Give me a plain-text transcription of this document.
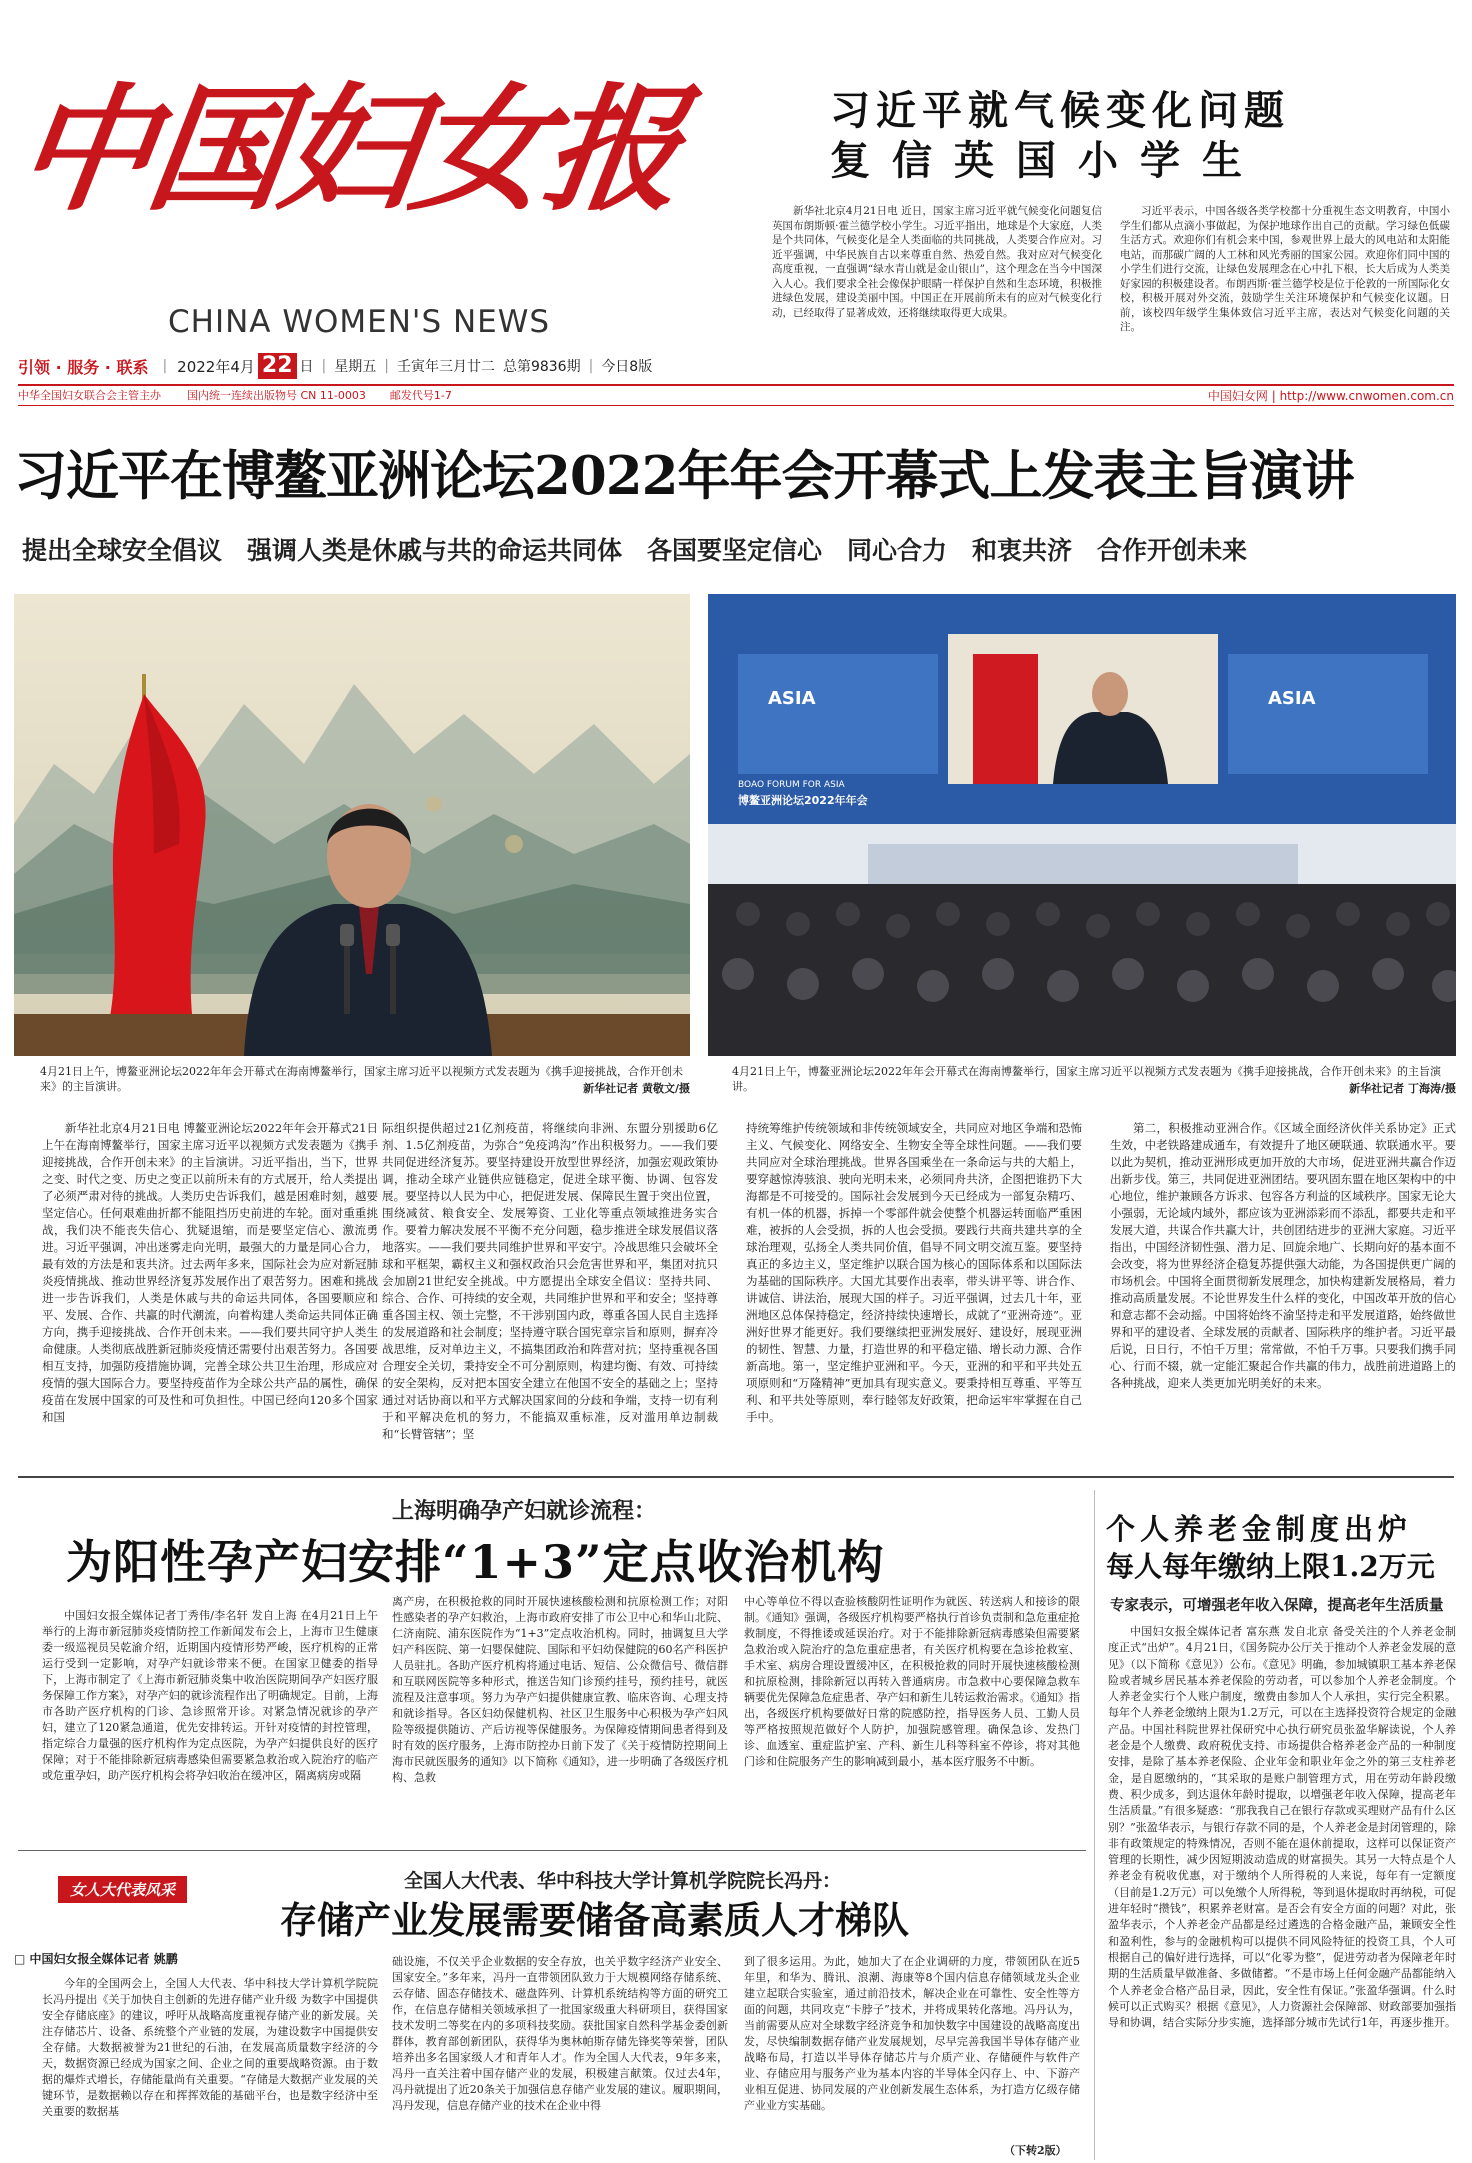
中国妇女报
CHINA WOMEN'S NEWS
引领 · 服务 · 联系 | 2022年4月 22 日 | 星期五 | 壬寅年三月廿二 总第9836期 | 今日8版
中华全国妇女联合会主管主办 国内统一连续出版物号 CN 11-0003 邮发代号1-7	中国妇女网 | http://www.cnwomen.com.cn
习近平就气候变化问题
复信英国小学生
新华社北京4月21日电 近日，国家主席习近平就气候变化问题复信英国布朗斯顿·霍兰德学校小学生。习近平指出，地球是个大家庭，人类是个共同体，气候变化是全人类面临的共同挑战，人类要合作应对。习近平强调，中华民族自古以来尊重自然、热爱自然。我对应对气候变化高度重视，一直强调“绿水青山就是金山银山”，这个理念在当今中国深入人心。我们要求全社会像保护眼睛一样保护自然和生态环境，积极推进绿色发展，建设美丽中国。中国正在开展前所未有的应对气候变化行动，已经取得了显著成效，还将继续取得更大成果。
习近平表示，中国各级各类学校都十分重视生态文明教育，中国小学生们都从点滴小事做起，为保护地球作出自己的贡献。学习绿色低碳生活方式。欢迎你们有机会来中国，参观世界上最大的风电站和太阳能电站，而那碳广阔的人工林和风光秀丽的国家公园。欢迎你们同中国的小学生们进行交流，让绿色发展理念在心中扎下根，长大后成为人类美好家园的积极建设者。布朗西斯·霍兰德学校是位于伦敦的一所国际化女校，积极开展对外交流，鼓励学生关注环境保护和气候变化议题。日前，该校四年级学生集体致信习近平主席，表达对气候变化问题的关注。
习近平在博鳌亚洲论坛2022年年会开幕式上发表主旨演讲
提出全球安全倡议　强调人类是休戚与共的命运共同体　各国要坚定信心　同心合力　和衷共济　合作开创未来
4月21日上午，博鳌亚洲论坛2022年年会开幕式在海南博鳌举行，国家主席习近平以视频方式发表题为《携手迎接挑战，合作开创未来》的主旨演讲。	新华社记者 黄敬文/摄
ASIA	ASIA
BOAO FORUM FOR ASIA
博鳌亚洲论坛2022年年会
4月21日上午，博鳌亚洲论坛2022年年会开幕式在海南博鳌举行，国家主席习近平以视频方式发表题为《携手迎接挑战，合作开创未来》的主旨演讲。	新华社记者 丁海涛/摄
新华社北京4月21日电 博鳌亚洲论坛2022年年会开幕式21日上午在海南博鳌举行，国家主席习近平以视频方式发表题为《携手迎接挑战，合作开创未来》的主旨演讲。习近平指出，当下，世界之变、时代之变、历史之变正以前所未有的方式展开，给人类提出了必须严肃对待的挑战。人类历史告诉我们，越是困难时刻，越要坚定信心。任何艰难曲折都不能阻挡历史前进的车轮。面对重重挑战，我们决不能丧失信心、犹疑退缩，而是要坚定信心、激流勇进。习近平强调，冲出迷雾走向光明，最强大的力量是同心合力，最有效的方法是和衷共济。过去两年多来，国际社会为应对新冠肺炎疫情挑战、推动世界经济复苏发展作出了艰苦努力。困难和挑战进一步告诉我们，人类是休戚与共的命运共同体，各国要顺应和平、发展、合作、共赢的时代潮流，向着构建人类命运共同体正确方向，携手迎接挑战、合作开创未来。——我们要共同守护人类生命健康。人类彻底战胜新冠肺炎疫情还需要付出艰苦努力。各国要相互支持，加强防疫措施协调，完善全球公共卫生治理，形成应对疫情的强大国际合力。要坚持疫苗作为全球公共产品的属性，确保疫苗在发展中国家的可及性和可负担性。中国已经向120多个国家和国
际组织提供超过21亿剂疫苗，将继续向非洲、东盟分别援助6亿剂、1.5亿剂疫苗，为弥合“免疫鸿沟”作出积极努力。——我们要共同促进经济复苏。要坚持建设开放型世界经济，加强宏观政策协调，推动全球产业链供应链稳定，促进全球平衡、协调、包容发展。要坚持以人民为中心，把促进发展、保障民生置于突出位置，围绕减贫、粮食安全、发展筹资、工业化等重点领域推进务实合作。要着力解决发展不平衡不充分问题，稳步推进全球发展倡议落地落实。——我们要共同维护世界和平安宁。冷战思维只会破坏全球和平框架，霸权主义和强权政治只会危害世界和平，集团对抗只会加剧21世纪安全挑战。中方愿提出全球安全倡议：坚持共同、综合、合作、可持续的安全观，共同维护世界和平和安全；坚持尊重各国主权、领土完整，不干涉别国内政，尊重各国人民自主选择的发展道路和社会制度；坚持遵守联合国宪章宗旨和原则，摒弃冷战思维，反对单边主义，不搞集团政治和阵营对抗；坚持重视各国合理安全关切，秉持安全不可分割原则，构建均衡、有效、可持续的安全架构，反对把本国安全建立在他国不安全的基础之上；坚持通过对话协商以和平方式解决国家间的分歧和争端，支持一切有利于和平解决危机的努力，不能搞双重标准，反对滥用单边制裁和“长臂管辖”；坚
持统筹维护传统领域和非传统领域安全，共同应对地区争端和恐怖主义、气候变化、网络安全、生物安全等全球性问题。——我们要共同应对全球治理挑战。世界各国乘坐在一条命运与共的大船上，要穿越惊涛骇浪、驶向光明未来，必须同舟共济，企图把谁扔下大海都是不可接受的。国际社会发展到今天已经成为一部复杂精巧、有机一体的机器，拆掉一个零部件就会使整个机器运转面临严重困难，被拆的人会受损，拆的人也会受损。要践行共商共建共享的全球治理观，弘扬全人类共同价值，倡导不同文明交流互鉴。要坚持真正的多边主义，坚定维护以联合国为核心的国际体系和以国际法为基础的国际秩序。大国尤其要作出表率，带头讲平等、讲合作、讲诚信、讲法治，展现大国的样子。习近平强调，过去几十年，亚洲地区总体保持稳定，经济持续快速增长，成就了“亚洲奇迹”。亚洲好世界才能更好。我们要继续把亚洲发展好、建设好，展现亚洲的韧性、智慧、力量，打造世界的和平稳定锚、增长动力源、合作新高地。第一，坚定维护亚洲和平。今天，亚洲的和平和平共处五项原则和“万隆精神”更加具有现实意义。要秉持相互尊重、平等互利、和平共处等原则，奉行睦邻友好政策，把命运牢牢掌握在自己手中。
第二，积极推动亚洲合作。《区域全面经济伙伴关系协定》正式生效，中老铁路建成通车，有效提升了地区硬联通、软联通水平。要以此为契机，推动亚洲形成更加开放的大市场，促进亚洲共赢合作迈出新步伐。第三，共同促进亚洲团结。要巩固东盟在地区架构中的中心地位，维护兼顾各方诉求、包容各方利益的区域秩序。国家无论大小强弱，无论域内域外，都应该为亚洲添彩而不添乱，都要共走和平发展大道，共谋合作共赢大计，共创团结进步的亚洲大家庭。习近平指出，中国经济韧性强、潜力足、回旋余地广、长期向好的基本面不会改变，将为世界经济企稳复苏提供强大动能，为各国提供更广阔的市场机会。中国将全面贯彻新发展理念，加快构建新发展格局，着力推动高质量发展。不论世界发生什么样的变化，中国改革开放的信心和意志都不会动摇。中国将始终不渝坚持走和平发展道路，始终做世界和平的建设者、全球发展的贡献者、国际秩序的维护者。习近平最后说，日日行，不怕千万里；常常做，不怕千万事。只要我们携手同心、行而不辍，就一定能汇聚起合作共赢的伟力，战胜前进道路上的各种挑战，迎来人类更加光明美好的未来。
上海明确孕产妇就诊流程：
为阳性孕产妇安排“1+3”定点收治机构
中国妇女报全媒体记者丁秀伟/李名轩 发自上海 在4月21日上午举行的上海市新冠肺炎疫情防控工作新闻发布会上，上海市卫生健康委一级巡视员吴乾渝介绍，近期国内疫情形势严峻，医疗机构的正常运行受到一定影响，对孕产妇就诊带来不便。在国家卫健委的指导下，上海市制定了《上海市新冠肺炎集中收治医院期间孕产妇医疗服务保障工作方案》，对孕产妇的就诊流程作出了明确规定。目前，上海市各助产医疗机构的门诊、急诊照常开诊。对紧急情况就诊的孕产妇，建立了120紧急通道，优先安排转运。开针对疫情的封控管理，指定综合力量强的医疗机构作为定点医院，为孕产妇提供良好的医疗保障；对于不能排除新冠病毒感染但需要紧急救治或入院治疗的临产或危重孕妇，助产医疗机构会将孕妇收治在缓冲区，隔离病房或隔
离产房，在积极抢救的同时开展快速核酸检测和抗原检测工作；对阳性感染者的孕产妇救治，上海市政府安排了市公卫中心和华山北院、仁济南院、浦东医院作为“1+3”定点收治机构。同时，抽调复旦大学妇产科医院、第一妇婴保健院、国际和平妇幼保健院的60名产科医护人员驻扎。各助产医疗机构将通过电话、短信、公众微信号、微信群和互联网医院等多种形式，推送告知门诊预约挂号，预约挂号，就医流程及注意事项。努力为孕产妇提供健康宣教、临床咨询、心理支持和就诊指导。各区妇幼保健机构、社区卫生服务中心积极为孕产妇风险等级提供随访、产后访视等保健服务。为保障疫情期间患者得到及时有效的医疗服务，上海市防控办日前下发了《关于疫情防控期间上海市民就医服务的通知》以下简称《通知》，进一步明确了各级医疗机构、急救
中心等单位不得以查验核酸阴性证明作为就医、转送病人和接诊的限制。《通知》强调，各级医疗机构要严格执行首诊负责制和急危重症抢救制度，不得推诿或延误治疗。对于不能排除新冠病毒感染但需要紧急救治或入院治疗的急危重症患者，有关医疗机构要在急诊抢救室、手术室、病房合理设置缓冲区，在积极抢救的同时开展快速核酸检测和抗原检测，排除新冠以再转入普通病房。市急救中心要保障急救车辆要优先保障急危症患者、孕产妇和新生儿转运救治需求。《通知》指出，各级医疗机构要做好日常的院感防控，指导医务人员、工勤人员等严格按照规范做好个人防护，加强院感管理。确保急诊、发热门诊、血透室、重症监护室、产科、新生儿科等科室不停诊，将对其他门诊和住院服务产生的影响减到最小，基本医疗服务不中断。
个人养老金制度出炉
每人每年缴纳上限1.2万元
专家表示，可增强老年收入保障，提高老年生活质量
中国妇女报全媒体记者 富东燕 发自北京 备受关注的个人养老金制度正式“出炉”。4月21日，《国务院办公厅关于推动个人养老金发展的意见》（以下简称《意见》）公布。《意见》明确，参加城镇职工基本养老保险或者城乡居民基本养老保险的劳动者，可以参加个人养老金制度。个人养老金实行个人账户制度，缴费由参加人个人承担，实行完全积累。每年个人养老金缴纳上限为1.2万元，可以在主选择投资符合规定的金融产品。中国社科院世界社保研究中心执行研究员张盈华解读说，个人养老金是个人缴费、政府税优支持、市场提供合格养老金产品的一种制度安排，是除了基本养老保险、企业年金和职业年金之外的第三支柱养老金，是自愿缴纳的，“其采取的是账户制管理方式，用在劳动年龄段缴费、积少成多，到达退休年龄时提取，以增强老年收入保障，提高老年生活质量。”有很多疑惑：“那我我自己在银行存款或买理财产品有什么区别？”张盈华表示，与银行存款不同的是，个人养老金是封闭管理的，除非有政策规定的特殊情况，否则不能在退休前提取，这样可以保证资产管理的长期性，减少因短期波动造成的财富损失。其另一大特点是个人养老金有税收优惠，对于缴纳个人所得税的人来说，每年有一定额度（目前是1.2万元）可以免缴个人所得税，等到退休提取时再纳税，可促进年轻时“攒钱”，积累养老财富。是否会有安全方面的问题？对此，张盈华表示，个人养老金产品都是经过遴选的合格金融产品，兼顾安全性和盈利性，参与的金融机构可以提供不同风险特征的投资工具，个人可根据自己的偏好进行选择，可以“化零为整”，促进劳动者为保障老年时期的生活质量早做准备、多做储蓄。“不是市场上任何金融产品都能纳入个人养老金合格产品目录，因此，安全性有保证。”张盈华强调。什么时候可以正式购买？根据《意见》，人力资源社会保障部、财政部要加强指导和协调，结合实际分步实施，选择部分城市先试行1年，再逐步推开。
女人大代表风采	全国人大代表、华中科技大学计算机学院院长冯丹：
存储产业发展需要储备高素质人才梯队
□ 中国妇女报全媒体记者 姚鹏
今年的全国两会上，全国人大代表、华中科技大学计算机学院院长冯丹提出《关于加快自主创新的先进存储产业升级 为数字中国提供安全存储底座》的建议，呼吁从战略高度重视存储产业的新发展。关注存储芯片、设备、系统整个产业链的发展，为建设数字中国提供安全存储。大数据被誉为21世纪的石油，在发展高质量数字经济的今天，数据资源已经成为国家之间、企业之间的重要战略资源。由于数据的爆炸式增长，存储能量尚有关重要。“存储是大数据产业发展的关键环节，是数据赖以存在和挥挥效能的基础平台，也是数字经济中至关重要的数据基
础设施，不仅关乎企业数据的安全存放，也关乎数字经济产业安全、国家安全。”多年来，冯丹一直带领团队致力于大规模网络存储系统、云存储、固态存储技术、磁盘阵列、计算机系统结构等方面的研究工作，在信息存储相关领域承担了一批国家级重大科研项目，获得国家技术发明二等奖在内的多项科技奖励。获批国家自然科学基金委创新群体，教育部创新团队，获得华为奥林帕斯存储先锋奖等荣誉，团队培养出多名国家级人才和青年人才。作为全国人大代表，9年多来，冯丹一直关注着中国存储产业的发展，积极建言献策。仅过去4年，冯丹就提出了近20条关于加强信息存储产业发展的建议。履职期间，冯丹发现，信息存储产业的技术在企业中得
到了很多运用。为此，她加大了在企业调研的力度，带领团队在近5年里，和华为、腾讯、浪潮、海康等8个国内信息存储领域龙头企业建立起联合实验室，通过前沿技术，解决企业在可靠性、安全性等方面的问题，共同攻克“卡脖子”技术，并将成果转化落地。冯丹认为，当前需要从应对全球数字经济竞争和加快数字中国建设的战略高度出发，尽快编制数据存储产业发展规划，尽早完善我国半导体存储产业战略布局，打造以半导体存储芯片与介质产业、存储硬件与软件产业、存储应用与服务产业为基本内容的半导体全闪存上、中、下游产业相互促进、协同发展的产业创新发展生态体系，为打造方亿级存储产业业方实基础。
（下转2版）
